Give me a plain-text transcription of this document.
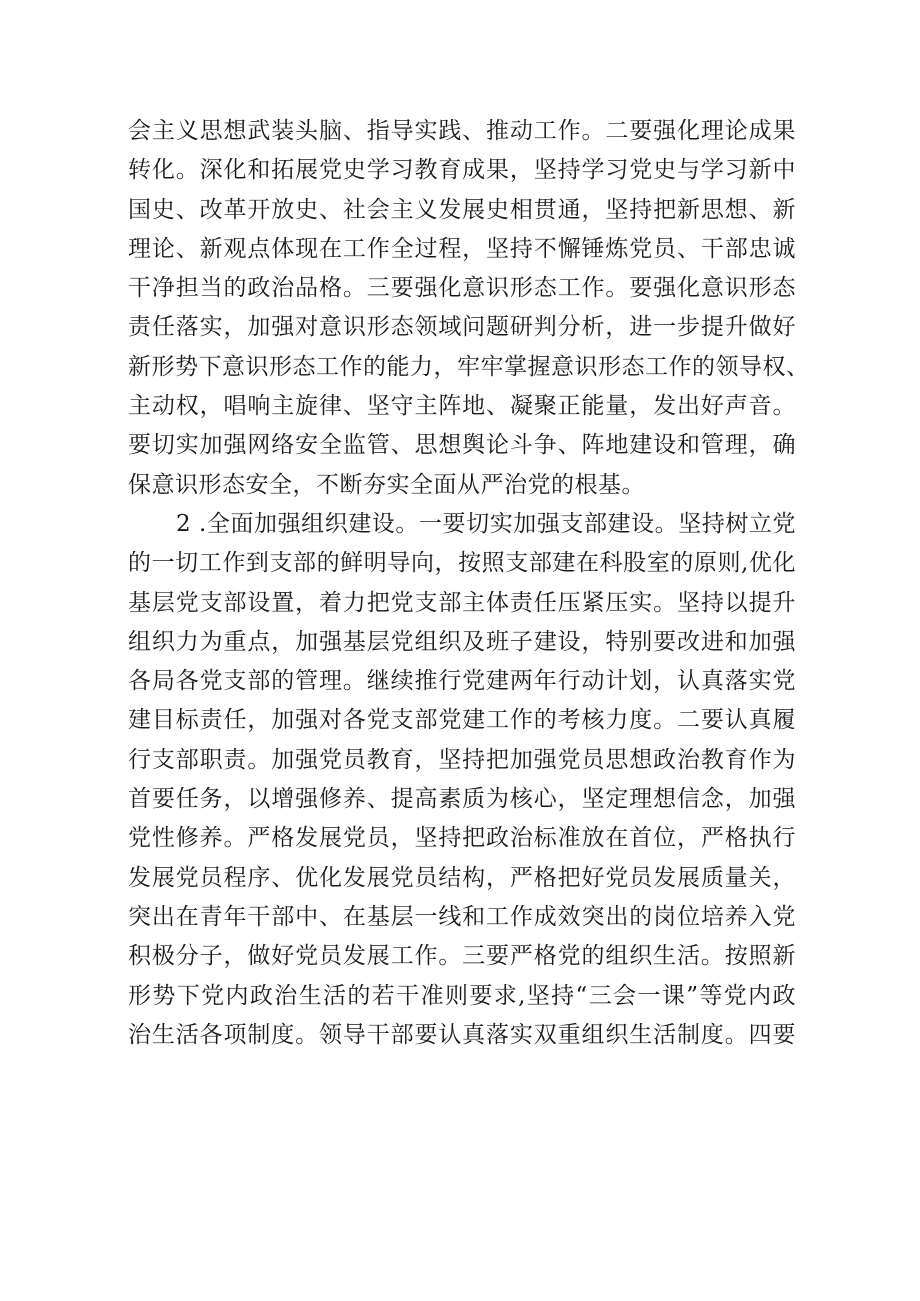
会主义思想武装头脑、指导实践、推动工作。二要强化理论成果
转化。深化和拓展党史学习教育成果，坚持学习党史与学习新中
国史、改革开放史、社会主义发展史相贯通，坚持把新思想、新
理论、新观点体现在工作全过程，坚持不懈锤炼党员、干部忠诚
干净担当的政治品格。三要强化意识形态工作。要强化意识形态
责任落实，加强对意识形态领域问题研判分析，进一步提升做好
新形势下意识形态工作的能力，牢牢掌握意识形态工作的领导权、
主动权，唱响主旋律、坚守主阵地、凝聚正能量，发出好声音。
要切实加强网络安全监管、思想舆论斗争、阵地建设和管理，确
保意识形态安全，不断夯实全面从严治党的根基。
2 .全面加强组织建设。一要切实加强支部建设。坚持树立党
的一切工作到支部的鲜明导向，按照支部建在科股室的原则,优化
基层党支部设置，着力把党支部主体责任压紧压实。坚持以提升
组织力为重点，加强基层党组织及班子建设，特别要改进和加强
各局各党支部的管理。继续推行党建两年行动计划，认真落实党
建目标责任，加强对各党支部党建工作的考核力度。二要认真履
行支部职责。加强党员教育，坚持把加强党员思想政治教育作为
首要任务，以增强修养、提高素质为核心，坚定理想信念，加强
党性修养。严格发展党员，坚持把政治标准放在首位，严格执行
发展党员程序、优化发展党员结构，严格把好党员发展质量关，
突出在青年干部中、在基层一线和工作成效突出的岗位培养入党
积极分子，做好党员发展工作。三要严格党的组织生活。按照新
形势下党内政治生活的若干准则要求,坚持“三会一课”等党内政
治生活各项制度。领导干部要认真落实双重组织生活制度。四要
